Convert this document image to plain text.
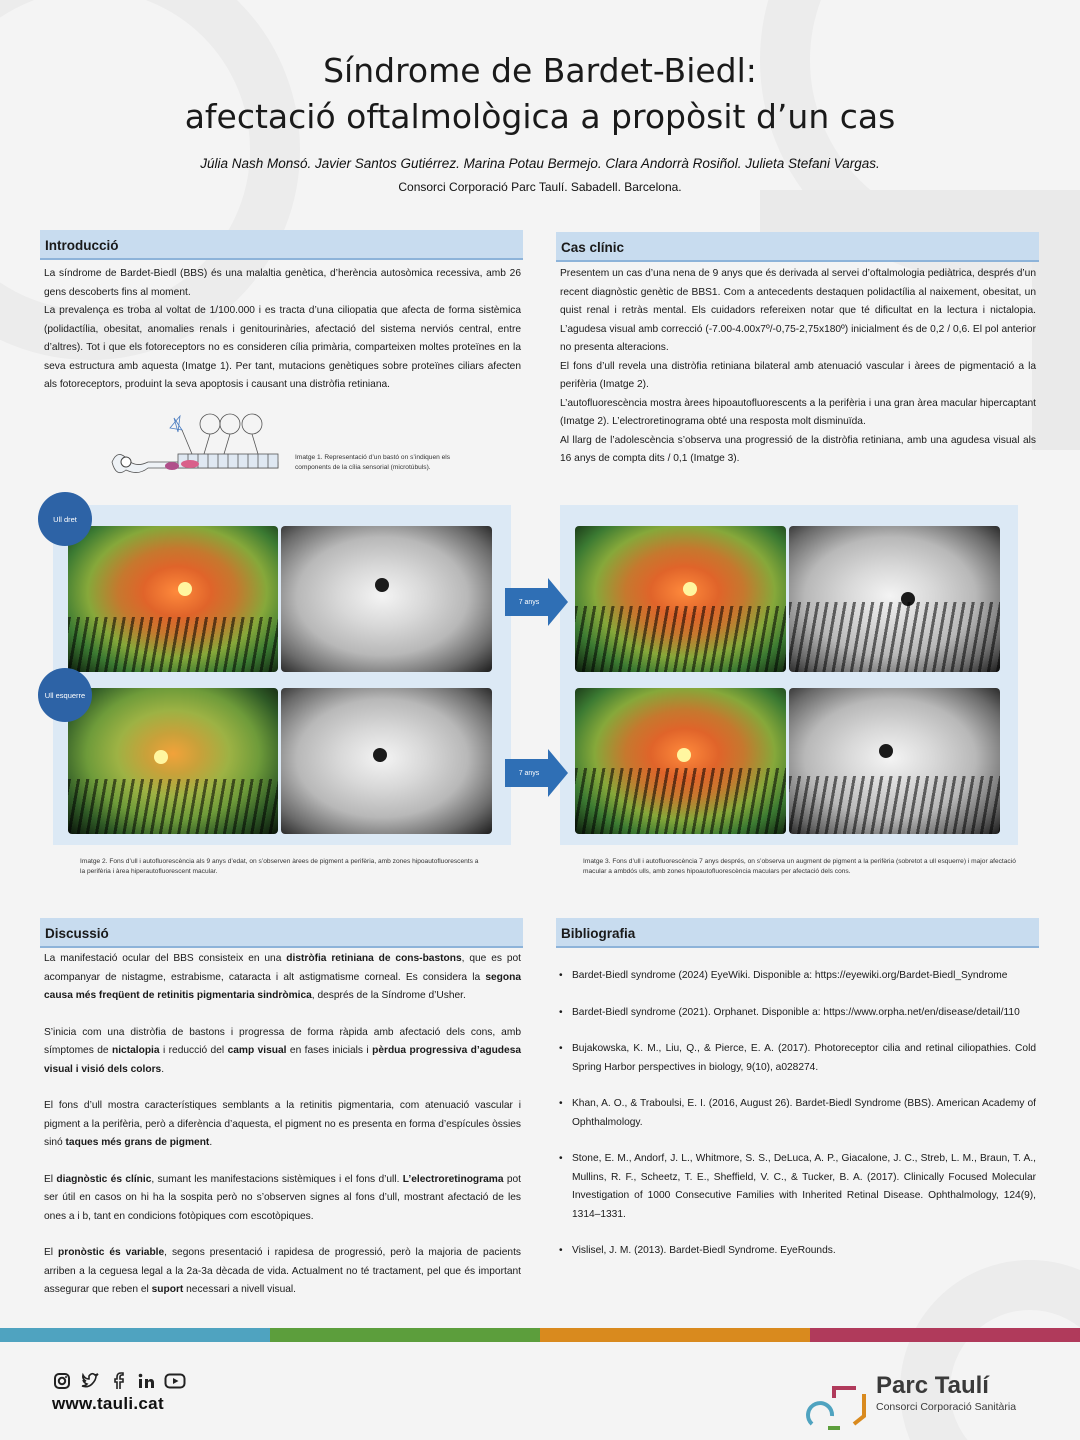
Síndrome de Bardet-Biedl:
afectació oftalmològica a propòsit d’un cas
Júlia Nash Monsó. Javier Santos Gutiérrez. Marina Potau Bermejo. Clara Andorrà Rosiñol. Julieta Stefani Vargas.
Consorci Corporació Parc Taulí. Sabadell. Barcelona.
Introducció

La síndrome de Bardet-Biedl (BBS) és una malaltia genètica, d’herència autosòmica recessiva, amb 26 gens descoberts fins al moment.

La prevalença es troba al voltat de 1/100.000 i es tracta d’una ciliopatia que afecta de forma sistèmica (polidactília, obesitat, anomalies renals i genitourinàries, afectació del sistema nerviós central, entre d’altres). Tot i que els fotoreceptors no es consideren cília primària, comparteixen moltes proteïnes en la seva estructura amb aquesta (Imatge 1). Per tant, mutacions genètiques sobre proteïnes ciliars afecten als fotoreceptors, produint la seva apoptosis i causant una distròfia retiniana.

Imatge 1. Representació d’un bastó on s’indiquen els components de la cília sensorial (microtúbuls).
Cas clínic

Presentem un cas d’una nena de 9 anys que és derivada al servei d’oftalmologia pediàtrica, després d’un recent diagnòstic genètic de BBS1. Com a antecedents destaquen polidactília al naixement, obesitat, un quist renal i retràs mental. Els cuidadors refereixen notar que té dificultat en la lectura i nictalopia. L’agudesa visual amb correcció (-7.00-4.00x7º/-0,75-2,75x180º) inicialment és de 0,2 / 0,6. El pol anterior no presenta alteracions.

El fons d’ull revela una distròfia retiniana bilateral amb atenuació vascular i àrees de pigmentació a la perifèria (Imatge 2).

L’autofluorescència mostra àrees hipoautofluorescents a la perifèria i una gran àrea macular hipercaptant (Imatge 2). L’electroretinograma obté una resposta molt disminuïda.

Al llarg de l’adolescència s’observa una progressió de la distròfia retiniana, amb una agudesa visual als 16 anys de compta dits / 0,1 (Imatge 3).

Ull dret
Ull esquerre
7 anys
7 anys
Imatge 2. Fons d’ull i autofluorescència als 9 anys d’edat, on s’observen àrees de pigment a perifèria, amb zones hipoautofluorescents a la perifèria i àrea hiperautofluorescent macular.
Imatge 3. Fons d’ull i autofluorescència 7 anys després, on s’observa un augment de pigment a la perifèria (sobretot a ull esquerre) i major afectació macular a ambdós ulls, amb zones hipoautofluorescència maculars per afectació dels cons.
Discussió

La manifestació ocular del BBS consisteix en una distròfia retiniana de cons-bastons, que es pot acompanyar de nistagme, estrabisme, cataracta i alt astigmatisme corneal. Es considera la segona causa més freqüent de retinitis pigmentaria sindròmica, després de la Síndrome d’Usher.

S’inicia com una distròfia de bastons i progressa de forma ràpida amb afectació dels cons, amb símptomes de nictalopia i reducció del camp visual en fases inicials i pèrdua progressiva d’agudesa visual i visió dels colors.

El fons d’ull mostra característiques semblants a la retinitis pigmentaria, com atenuació vascular i pigment a la perifèria, però a diferència d’aquesta, el pigment no es presenta en forma d’espícules òssies sinó taques més grans de pigment.

El diagnòstic és clínic, sumant les manifestacions sistèmiques i el fons d’ull. L’electroretinograma pot ser útil en casos on hi ha la sospita però no s’observen signes al fons d’ull, mostrant afectació de les ones a i b, tant en condicions fotòpiques com escotòpiques.

El pronòstic és variable, segons presentació i rapidesa de progressió, però la majoria de pacients arriben a la ceguesa legal a la 2a-3a dècada de vida. Actualment no té tractament, pel que és important assegurar que reben el suport necessari a nivell visual.

Bibliografia
• Bardet-Biedl syndrome (2024) EyeWiki. Disponible a: https://eyewiki.org/Bardet-Biedl_Syndrome
• Bardet-Biedl syndrome (2021). Orphanet. Disponible a: https://www.orpha.net/en/disease/detail/110
• Bujakowska, K. M., Liu, Q., & Pierce, E. A. (2017). Photoreceptor cilia and retinal ciliopathies. Cold Spring Harbor perspectives in biology, 9(10), a028274.
• Khan, A. O., & Traboulsi, E. I. (2016, August 26). Bardet-Biedl Syndrome (BBS). American Academy of Ophthalmology.
• Stone, E. M., Andorf, J. L., Whitmore, S. S., DeLuca, A. P., Giacalone, J. C., Streb, L. M., Braun, T. A., Mullins, R. F., Scheetz, T. E., Sheffield, V. C., & Tucker, B. A. (2017). Clinically Focused Molecular Investigation of 1000 Consecutive Families with Inherited Retinal Disease. Ophthalmology, 124(9), 1314–1331.
• Vislisel, J. M. (2013). Bardet-Biedl Syndrome. EyeRounds.
www.tauli.cat
Parc Taulí
Consorci Corporació Sanitària
